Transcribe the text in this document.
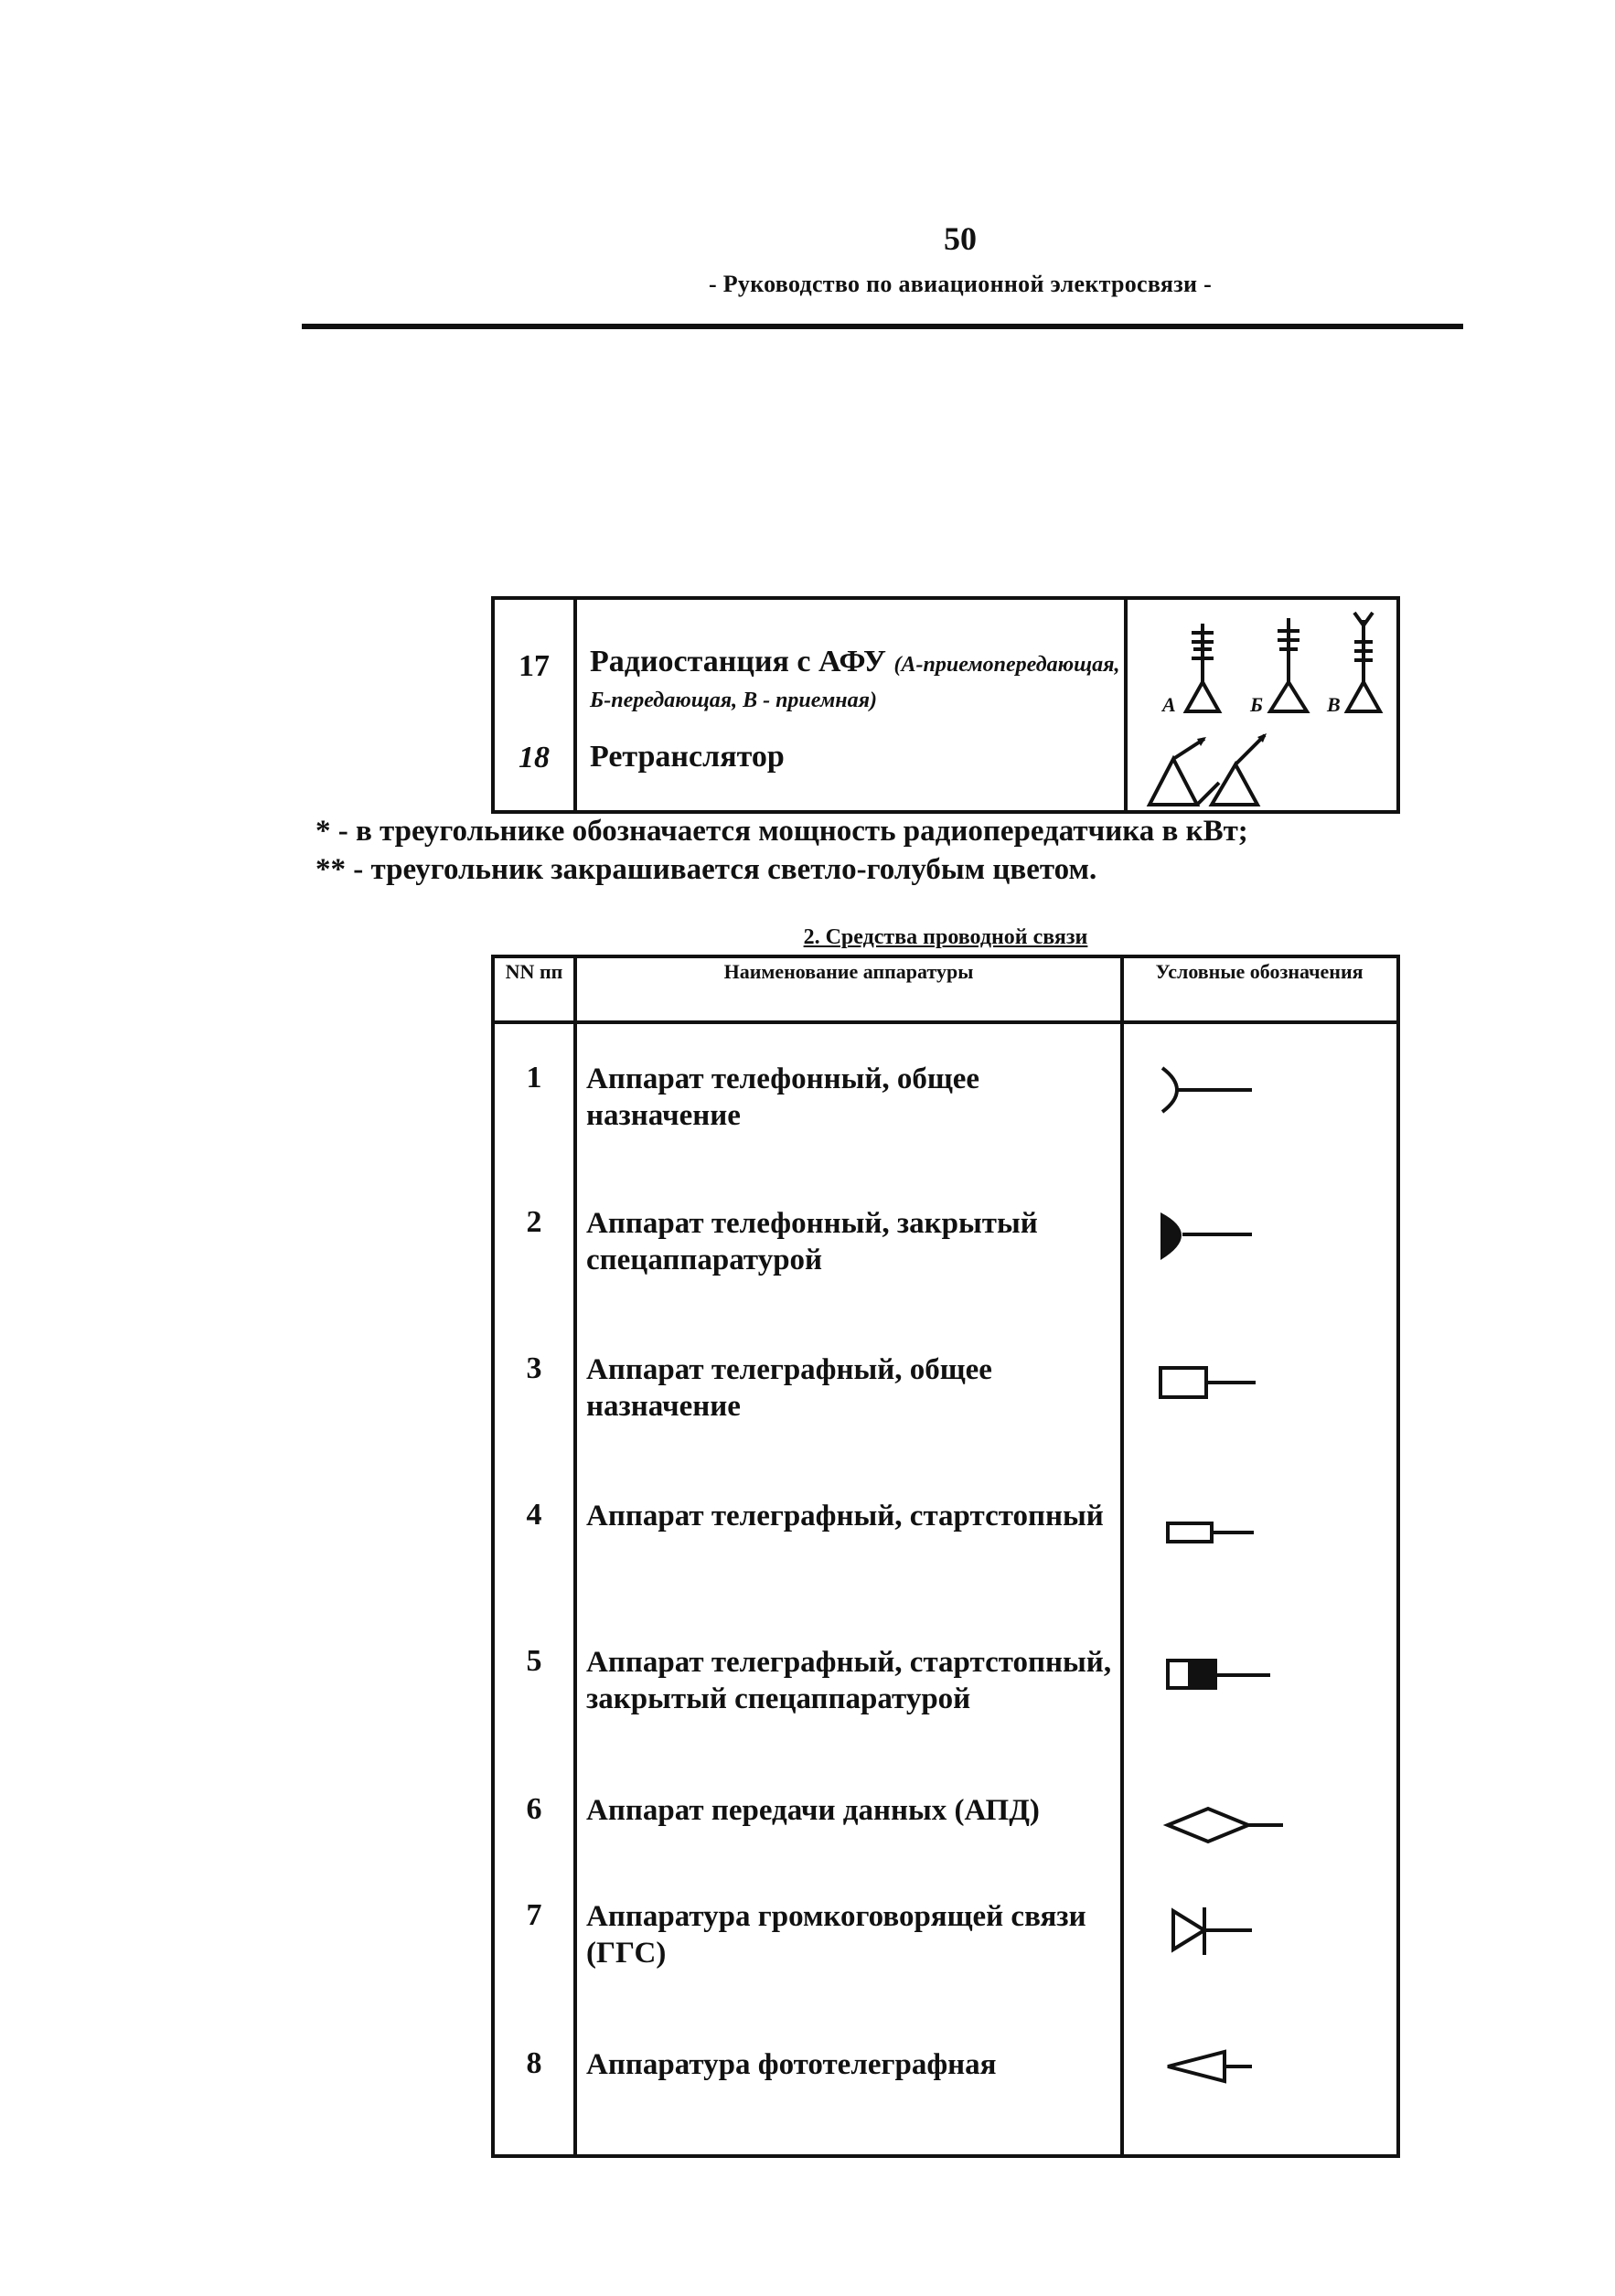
50
- Руководство по авиационной электросвязи -
17	Радиостанция с АФУ (А-приемопередающая, Б-передающая, В - приемная)	А	Б	В
18	Ретранслятор
* - в треугольнике обозначается мощность радиопередатчика в кВт;
** - треугольник закрашивается светло-голубым цветом.
2. Средства проводной связи
NN пп	Наименование аппаратуры	Условные обозначения
1	Аппарат телефонный, общее назначение
2	Аппарат телефонный, закрытый спецаппаратурой
3	Аппарат телеграфный, общее назначение
4	Аппарат телеграфный, стартстопный
5	Аппарат телеграфный, стартстопный, закрытый спецаппаратурой
6	Аппарат передачи данных (АПД)
7	Аппаратура громкоговорящей связи (ГГС)
8	Аппаратура фототелеграфная
